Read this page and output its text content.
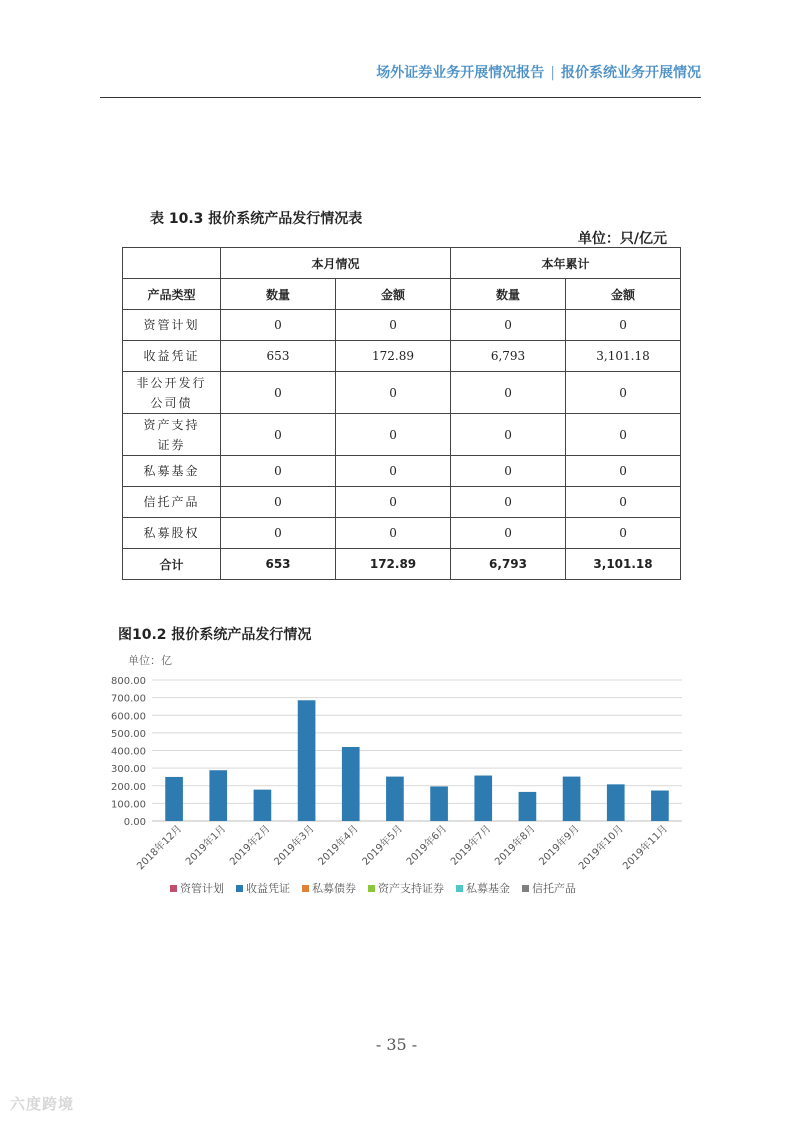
场外证券业务开展情况报告 | 报价系统业务开展情况
表 10.3 报价系统产品发行情况表
单位：只/亿元
	本月情况		本年累计	
产品类型	数量	金额	数量	金额
资管计划	0	0	0	0
收益凭证	653	172.89	6,793	3,101.18
非公开发行
公司债	0	0	0	0
资产支持
证券	0	0	0	0
私募基金	0	0	0	0
信托产品	0	0	0	0
私募股权	0	0	0	0
合计	653	172.89	6,793	3,101.18
图10.2 报价系统产品发行情况
单位：亿
0.00
100.00
200.00
300.00
400.00
500.00
600.00
700.00
800.00
2018年12月 2019年1月 2019年2月 2019年3月 2019年4月 2019年5月 2019年6月 2019年7月 2019年8月 2019年9月
2019年10月
2019年11月
资管计划 收益凭证 私募债券 资产支持证券 私募基金 信托产品
- 35 -
六度跨境
